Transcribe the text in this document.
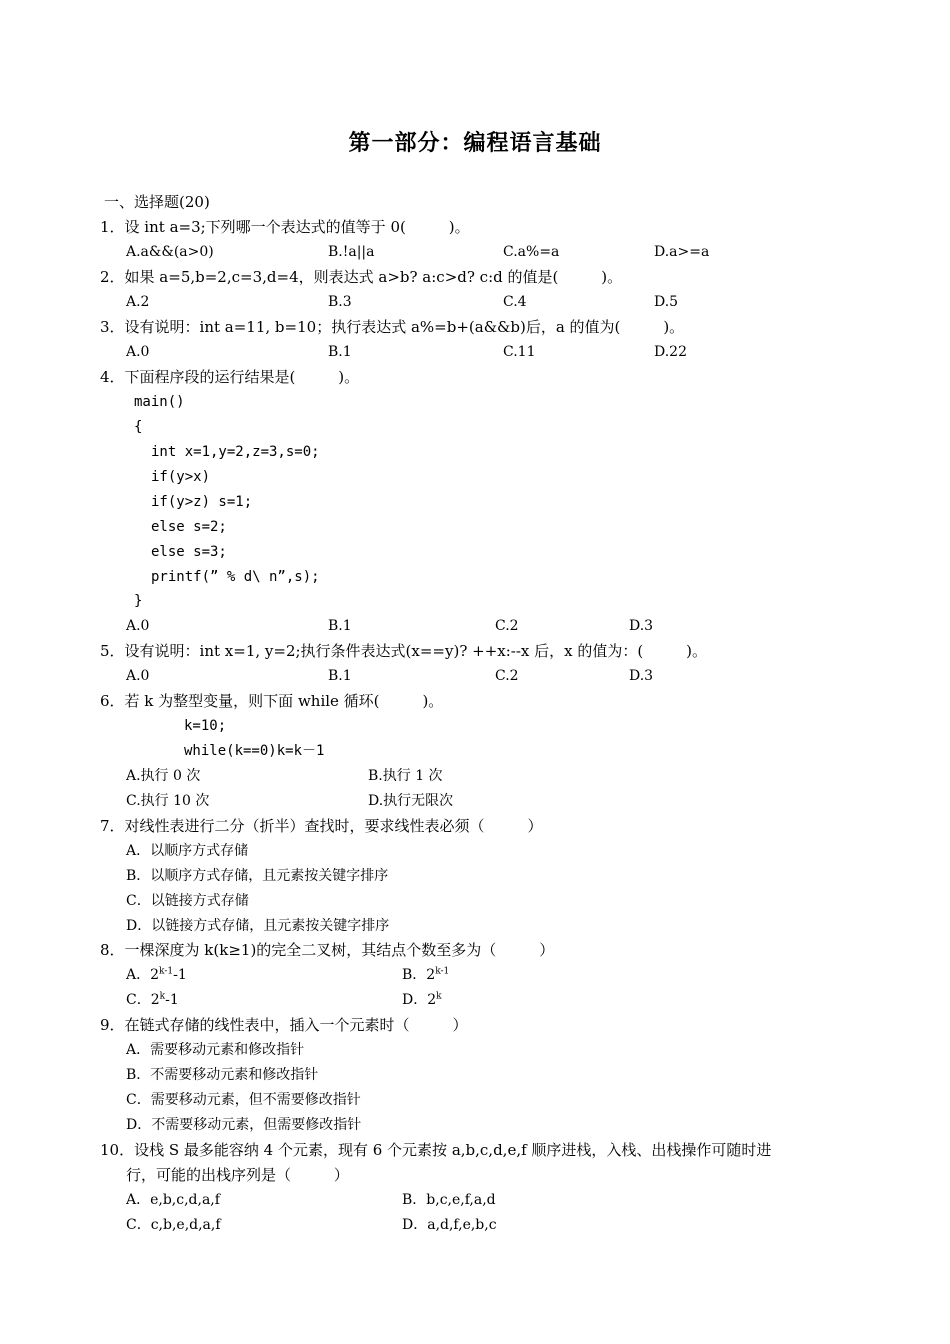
第一部分：编程语言基础
一、选择题(20)
1．设 int a=3;下列哪一个表达式的值等于 0(         )。
A.a&&(a>0)	B.!a||a	C.a%=a	D.a>=a
2．如果 a=5,b=2,c=3,d=4，则表达式 a>b? a:c>d? c:d 的值是(         )。
A.2	B.3	C.4	D.5
3．设有说明：int a=11, b=10；执行表达式 a%=b+(a&&b)后，a 的值为(         )。
A.0	B.1	C.11	D.22
4．下面程序段的运行结果是(         )。
main()
{
int x=1,y=2,z=3,s=0;
if(y>x)
if(y>z) s=1;
else s=2;
else s=3;
printf(” % d\ n”,s);
}
A.0	B.1	C.2	D.3
5．设有说明：int x=1, y=2;执行条件表达式(x==y)? ++x:--x 后，x 的值为：(         )。
A.0	B.1	C.2	D.3
6．若 k 为整型变量，则下面 while 循环(         )。
k=10;
while(k==0)k=k－1
A.执行 0 次	B.执行 1 次
C.执行 10 次	D.执行无限次
7．对线性表进行二分（折半）查找时，要求线性表必须（         ）
A．以顺序方式存储
B．以顺序方式存储，且元素按关键字排序
C．以链接方式存储
D．以链接方式存储，且元素按关键字排序
8．一棵深度为 k(k≥1)的完全二叉树，其结点个数至多为（         ）
A．2$^{k-1}$-1	B．2$^{k-1}$
C．2$^k$-1	D．2$^k$
9．在链式存储的线性表中，插入一个元素时（         ）
A．需要移动元素和修改指针
B．不需要移动元素和修改指针
C．需要移动元素，但不需要修改指针
D．不需要移动元素，但需要修改指针
10．设栈 S 最多能容纳 4 个元素，现有 6 个元素按 a,b,c,d,e,f 顺序进栈，入栈、出栈操作可随时进
行，可能的出栈序列是（         ）
A．e,b,c,d,a,f	B．b,c,e,f,a,d
C．c,b,e,d,a,f	D．a,d,f,e,b,c
